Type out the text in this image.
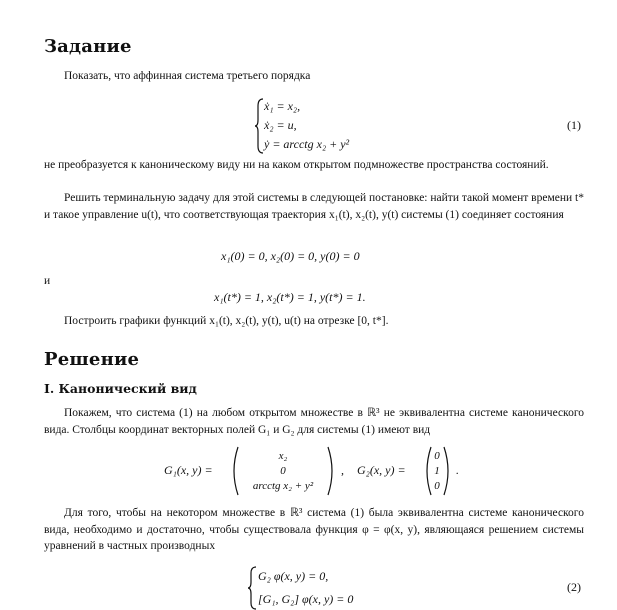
Задание
Показать, что аффинная система третьего порядка
ẋ₁ = x₂,
ẋ₂ = u,
ẏ = arcctg x₂ + y²
(1)
не преобразуется к каноническому виду ни на каком открытом подмножестве пространства состояний.
Решить терминальную задачу для этой системы в следующей постановке: найти такой момент времени t* и такое управление u(t), что соответствующая траектория x₁(t), x₂(t), y(t) системы (1) соединяет состояния
x₁(0) = 0, x₂(0) = 0, y(0) = 0
и
x₁(t*) = 1, x₂(t*) = 1, y(t*) = 1.
Построить графики функций x₁(t), x₂(t), y(t), u(t) на отрезке [0, t*].
Решение
I. Канонический вид
Покажем, что система (1) на любом открытом множестве в ℝ³ не эквивалентна системе канонического вида. Столбцы координат векторных полей G₁ и G₂ для системы (1) имеют вид
G₁(x, y) =
x₂
0
arcctg x₂ + y²
, G₂(x, y) =
0
1
0
.
Для того, чтобы на некотором множестве в ℝ³ система (1) была эквивалентна системе канонического вида, необходимо и достаточно, чтобы существовала функция φ = φ(x, y), являющаяся решением системы уравнений в частных производных
G₂ φ(x, y) = 0,
[G₁, G₂] φ(x, y) = 0
(2)
